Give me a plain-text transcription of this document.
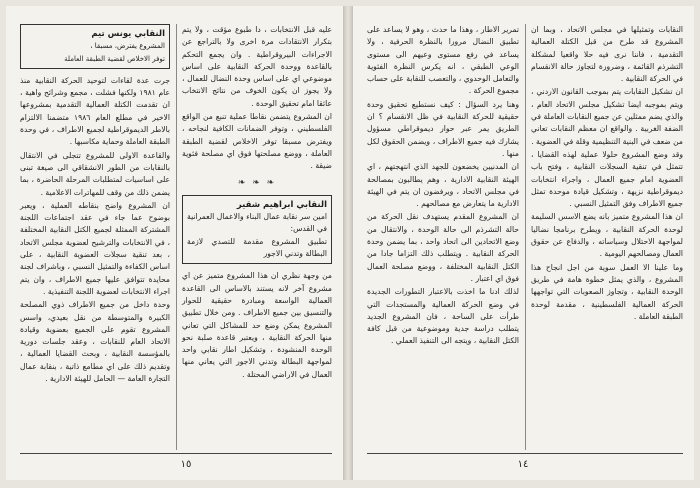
النقابي يونس تيم
المشروع يفترض، مسبقا ،
توفر الاخلاص لقضية الطبقة العاملة

جرت عدة لقاءات لتوحيد الحركة النقابية منذ عام ١٩٨١ ولكنها فشلت ، مجمع وشرائح واهية ، ان تقدمت الكتلة العمالية التقدمية بمشروعها الاخير في مطلع العام ١٩٨٦ متضمنا الالتزام بالاطر الديموقراطية لجميع الاطراف ، في وحدة الطبقة العاملة وحماية مكاسبها .

والقاعدة الاولى للمشروع تتجلى في الانتقال بالنقابات من الطور الانشقاقي الى صيغة تبنى على اساسيات لمتطلبات المرحلة الحاضرة ، بما يضمن ذلك من وقف للمهاترات الاعلامية .

ان المشروع واضح بنقاطه العملية ، ويعبر بوضوح عما جاء في عقد اجتماعات اللجنة المشتركة الممثلة لجميع الكتل النقابية المختلفة ، في الانتخابات والترشيح لعضوية مجلس الاتحاد ، بعد تنقية سجلات العضوية النقابية ، على اساس الكفاءة والتمثيل النسبي ، وباشراف لجنة محايدة تتوافق عليها جميع الاطراف ، وان يتم اجراء الانتخابات لعضوية اللجنة التنفيذية .

وحدة داخل من جميع الاطراف ذوي المصلحة الكبيرة والمتوسطة من نقل بعيدي، واسس المشروع تقوم على الجميع بعضوية وقيادة الاتحاد العام للنقابات ، وعقد جلسات دورية بالمؤسسة النقابية ، وبحث القضايا العمالية ، وتقديم ذلك على اي مطامع ذاتية ، بنقابة عمال التجارة العامة — الحامل للهيئة الادارية .

عليه قبل الانتخابات ، دا طبوع مؤقت ، ولا يتم بتكرار الانتقادات مرة اخرى ولا بالتراجع عن الاجراءات البيروقراطية . وان يجمع التحكم بالقاعدة ووحدة الحركة النقابية على اساس موضوعي اي على اساس وحدة النضال للعمال ، ولا يجوز ان يكون الخوف من نتائج الانتخاب عائقا امام تحقيق الوحدة .

ان المشروع يتضمن نقاطا عملية تنبع من الواقع الفلسطيني ، وتوفر الضمانات الكافية لنجاحه ، ويفترض مسبقا توفر الاخلاص لقضية الطبقة العاملة ، ووضع مصلحتها فوق اي مصلحة فئوية ضيقة .

❧ ❧ ❧
النقابي ابراهيم شقير
امين سر نقابة عمال البناء والاعمال العمرانية في القدس:
تطبيق المشروع مقدمة للتصدي لازمة البطالة وتدني الاجور

من وجهة نظري ان هذا المشروع متميز عن اي مشروع آخر لانه يستند بالاساس الى القاعدة العمالية الواسعة ومبادرة حقيقية للحوار والتنسيق بين جميع الاطراف . ومن خلال تطبيق المشروع يمكن وضع حد للمشاكل التي تعاني منها الحركة النقابية ، ويعتبر قاعدة صلبة نحو الوحدة المنشودة ، وتشكيل اطار نقابي واحد لمواجهة البطالة وتدني الاجور التي يعاني منها العمال في الاراضي المحتلة .

١٥

تمرير الاطار ، وهذا ما حدث ، وهو لا يساعد على تطبيق النضال مرورا بالنظرة الحرفية ، ولا يساعد في رفع مستوى وعيهم الى مستوى الوعي الطبقي ، انه يكرس النظرة الفئوية والتعامل الوحدوي ، والتعصب للنقابة على حساب مجموع الحركة .

وهنا يرد السؤال : كيف نستطيع تحقيق وحدة حقيقية للحركة النقابية في ظل الانقسام ؟ ان الطريق يمر عبر حوار ديموقراطي مسؤول يشارك فيه جميع الاطراف ، ويضمن الحقوق لكل منها .

ان المدنيين يخضعون للجهد الذي انتهجتهم ، اي الهيئة النقابية الادارية ، وهم يطالبون بمصالحة في مجلس الاتحاد ، ويرفضون ان يتم في الهيئة الادارية ما يتعارض مع مصالحهم .

ان المشروع المقدم يستهدف نقل الحركة من حالة التشرذم الى حالة الوحدة ، والانتقال من وضع الاتحادين الى اتحاد واحد ، بما يضمن وحدة الحركة النقابية . ويتطلب ذلك التزاما جادا من الكتل النقابية المختلفة ، ووضع مصلحة العمال فوق اي اعتبار .

لذلك ادنا ما اخذت بالاعتبار التطورات الجديدة في وضع الحركة العمالية والمستجدات التي طرأت على الساحة ، فان المشروع الجديد يتطلب دراسة جدية وموضوعية من قبل كافة الكتل النقابية ، ويتجه الى التنفيذ العملي .

النقابات وتمثيلها في مجلس الاتحاد ، وبما ان المشروع قد طرح من قبل الكتلة العمالية التقدمية ، فاننا نرى فيه حلا واقعيا لمشكلة التشرذم القائمة ، وضرورة لتجاوز حالة الانقسام في الحركة النقابية .

ان تشكيل النقابات يتم بموجب القانون الاردني ، ويتم بموجبه ايضا تشكيل مجلس الاتحاد العام ، والذي يضم ممثلين عن جميع النقابات العاملة في الضفة الغربية . والواقع ان معظم النقابات تعاني من ضعف في البنية التنظيمية وقلة في العضوية .

وقد وضع المشروع حلولا عملية لهذه القضايا ، تتمثل في تنقية السجلات النقابية ، وفتح باب العضوية امام جميع العمال ، واجراء انتخابات ديموقراطية نزيهة ، وتشكيل قيادة موحدة تمثل جميع الاطراف وفق التمثيل النسبي .

ان هذا المشروع متميز بانه يضع الاسس السليمة لوحدة الحركة النقابية ، ويطرح برنامجا نضاليا لمواجهة الاحتلال وسياساته ، والدفاع عن حقوق العمال ومصالحهم اليومية .

وما علينا الا العمل سوية من اجل انجاح هذا المشروع ، والذي يمثل خطوة هامة في طريق الوحدة النقابية ، وتجاوز الصعوبات التي تواجهها الحركة العمالية الفلسطينية ، مقدمة لوحدة الطبقة العاملة .

١٤
